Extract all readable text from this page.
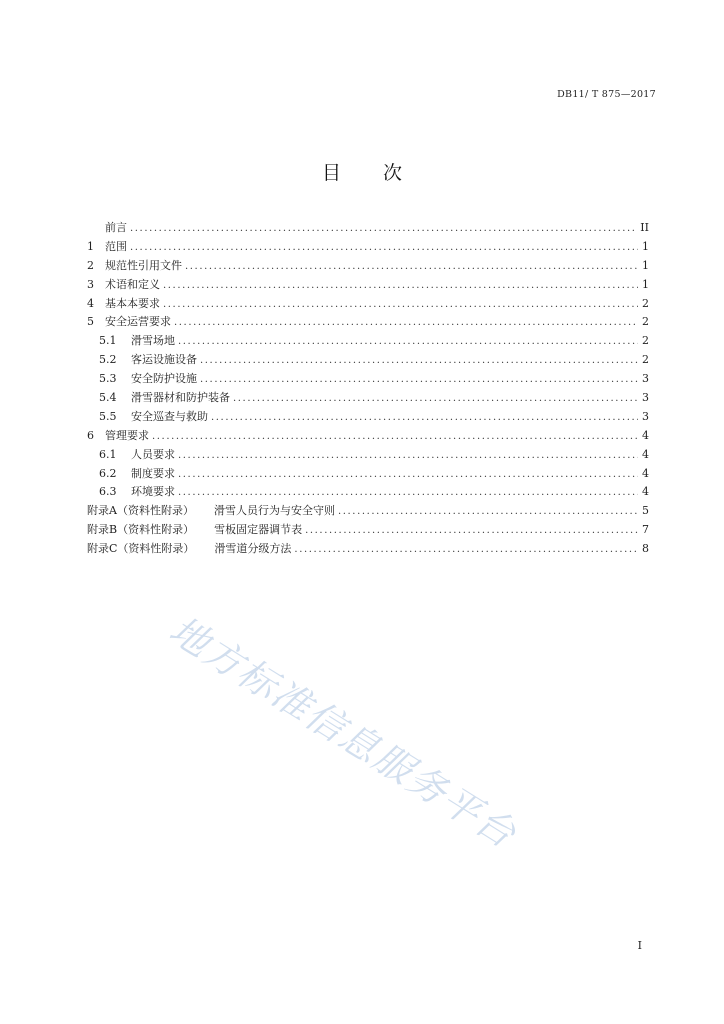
DB11/ T 875—2017
目 次
前言 .....	II
1	范围 .....	1
2	规范性引用文件 .....	1
3	术语和定义 .....	1
4	基本本要求 .....	2
5	安全运营要求 .....	2
5.1	滑雪场地 .....	2
5.2	客运设施设备 .....	2
5.3	安全防护设施 .....	3
5.4	滑雪器材和防护装备 .....	3
5.5	安全巡查与救助 .....	3
6	管理要求 .....	4
6.1	人员要求 .....	4
6.2	制度要求 .....	4
6.3	环境要求 .....	4
附录A（资料性附录） 滑雪人员行为与安全守则 .....	5
附录B（资料性附录） 雪板固定器调节表 .....	7
附录C（资料性附录） 滑雪道分级方法 .....	8
地方标准信息服务平台
I
